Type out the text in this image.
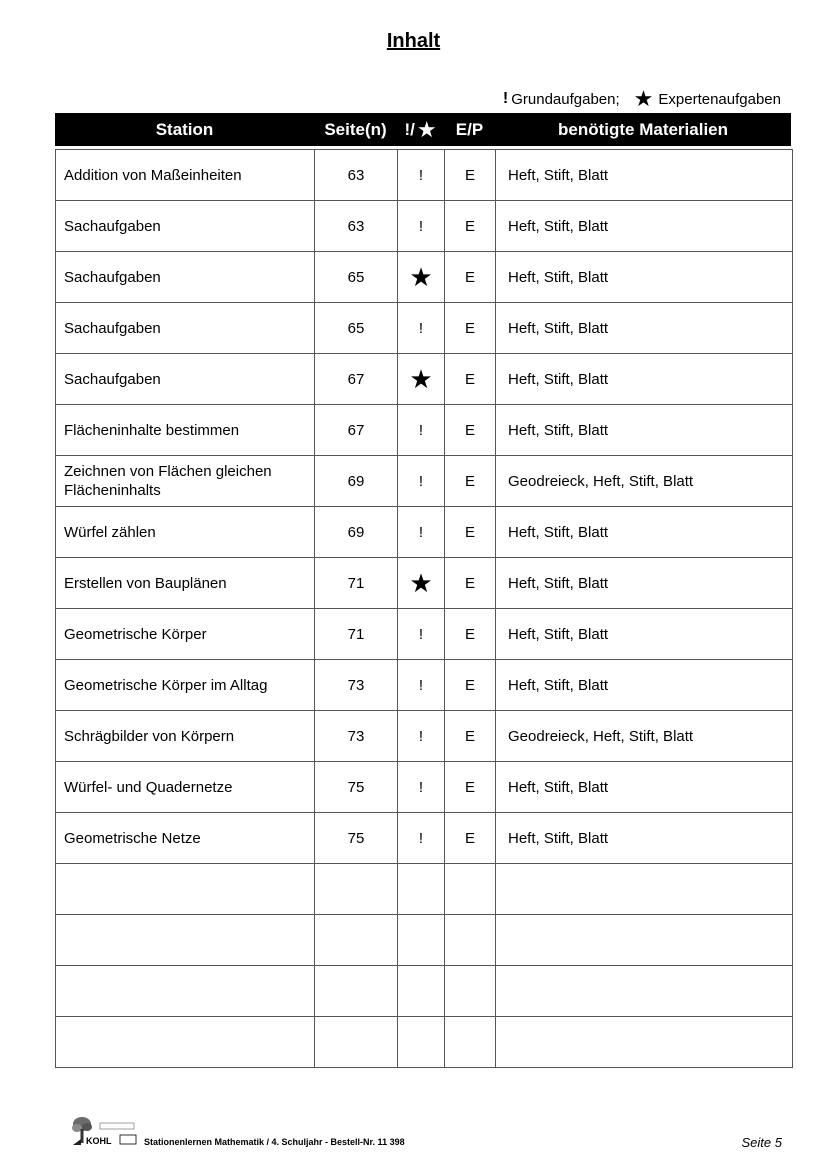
Inhalt
! Grundaufgaben; ★ Expertenaufgaben
Station	Seite(n)	!/ ★	E/P	benötigte Materialien
Addition von Maßeinheiten	63	!	E	Heft, Stift, Blatt
Sachaufgaben	63	!	E	Heft, Stift, Blatt
Sachaufgaben	65	★	E	Heft, Stift, Blatt
Sachaufgaben	65	!	E	Heft, Stift, Blatt
Sachaufgaben	67	★	E	Heft, Stift, Blatt
Flächeninhalte bestimmen	67	!	E	Heft, Stift, Blatt
Zeichnen von Flächen gleichen Flächeninhalts	69	!	E	Geodreieck, Heft, Stift, Blatt
Würfel zählen	69	!	E	Heft, Stift, Blatt
Erstellen von Bauplänen	71	★	E	Heft, Stift, Blatt
Geometrische Körper	71	!	E	Heft, Stift, Blatt
Geometrische Körper im Alltag	73	!	E	Heft, Stift, Blatt
Schrägbilder von Körpern	73	!	E	Geodreieck, Heft, Stift, Blatt
Würfel- und Quadernetze	75	!	E	Heft, Stift, Blatt
Geometrische Netze	75	!	E	Heft, Stift, Blatt

KOHL	Stationenlernen Mathematik / 4. Schuljahr - Bestell-Nr. 11 398	Seite 5
